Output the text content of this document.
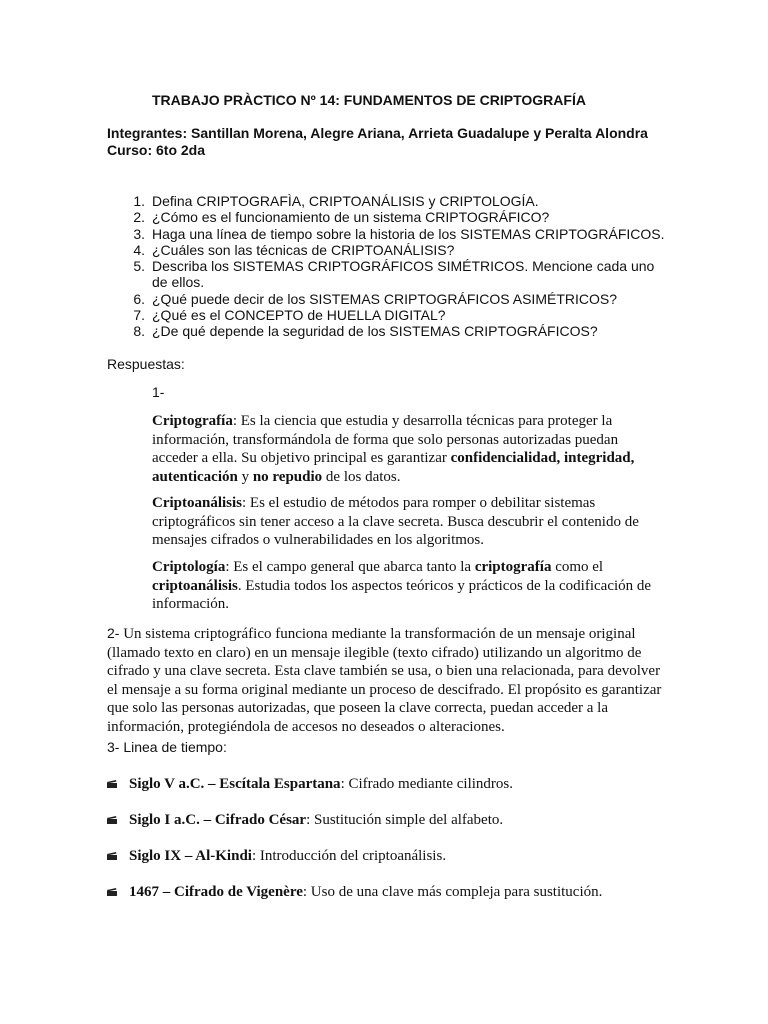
TRABAJO PRÀCTICO Nº 14: FUNDAMENTOS DE CRIPTOGRAFÍA
Integrantes: Santillan Morena, Alegre Ariana, Arrieta Guadalupe y Peralta Alondra
Curso: 6to 2da
1. Defina CRIPTOGRAFÌA, CRIPTOANÁLISIS y CRIPTOLOGÍA.
2. ¿Cómo es el funcionamiento de un sistema CRIPTOGRÁFICO?
3. Haga una línea de tiempo sobre la historia de los SISTEMAS CRIPTOGRÁFICOS.
4. ¿Cuáles son las técnicas de CRIPTOANÁLISIS?
5. Describa los SISTEMAS CRIPTOGRÁFICOS SIMÉTRICOS. Mencione cada uno de ellos.
6. ¿Qué puede decir de los SISTEMAS CRIPTOGRÁFICOS ASIMÉTRICOS?
7. ¿Qué es el CONCEPTO de HUELLA DIGITAL?
8. ¿De qué depende la seguridad de los SISTEMAS CRIPTOGRÁFICOS?
Respuestas:
1-

Criptografía: Es la ciencia que estudia y desarrolla técnicas para proteger la información, transformándola de forma que solo personas autorizadas puedan acceder a ella. Su objetivo principal es garantizar confidencialidad, integridad, autenticación y no repudio de los datos.

Criptoanálisis: Es el estudio de métodos para romper o debilitar sistemas criptográficos sin tener acceso a la clave secreta. Busca descubrir el contenido de mensajes cifrados o vulnerabilidades en los algoritmos.

Criptología: Es el campo general que abarca tanto la criptografía como el criptoanálisis. Estudia todos los aspectos teóricos y prácticos de la codificación de información.

2- Un sistema criptográfico funciona mediante la transformación de un mensaje original (llamado texto en claro) en un mensaje ilegible (texto cifrado) utilizando un algoritmo de cifrado y una clave secreta. Esta clave también se usa, o bien una relacionada, para devolver el mensaje a su forma original mediante un proceso de descifrado. El propósito es garantizar que solo las personas autorizadas, que poseen la clave correcta, puedan acceder a la información, protegiéndola de accesos no deseados o alteraciones.

3- Linea de tiempo:
Siglo V a.C. – Escítala Espartana: Cifrado mediante cilindros.
Siglo I a.C. – Cifrado César: Sustitución simple del alfabeto.
Siglo IX – Al-Kindi: Introducción del criptoanálisis.
1467 – Cifrado de Vigenère: Uso de una clave más compleja para sustitución.
